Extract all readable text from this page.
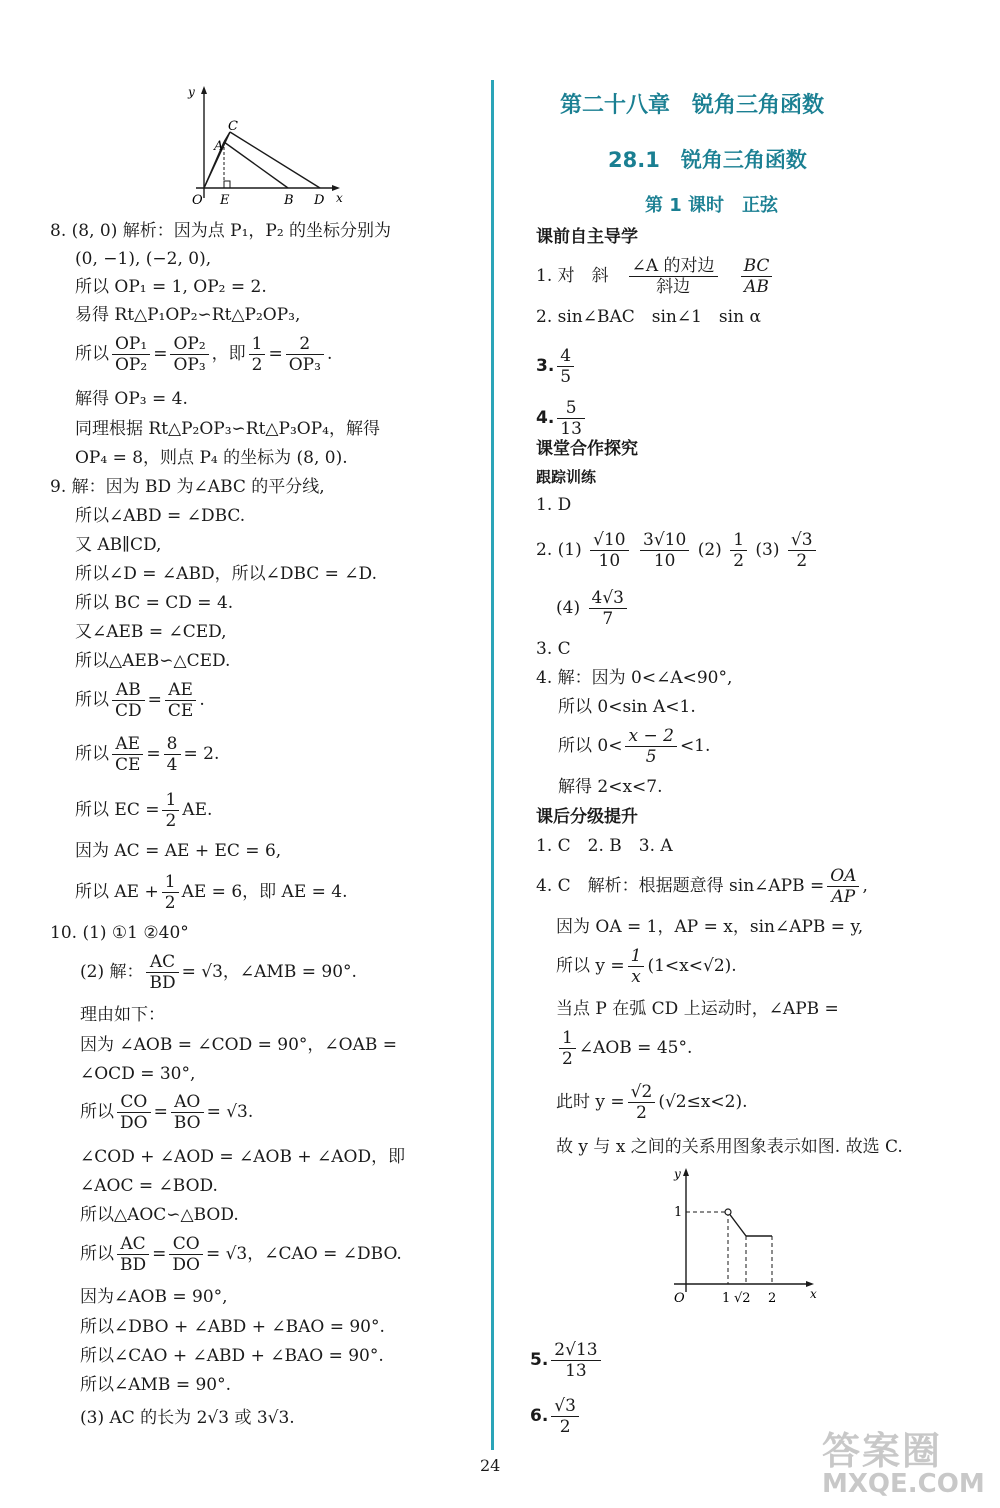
y
x
O
A
C
E	B D
8. (8, 0) 解析：因为点 P₁，P₂ 的坐标分别为
(0, −1), (−2, 0),
所以 OP₁ = 1, OP₂ = 2.
易得 Rt△P₁OP₂∽Rt△P₂OP₃,
所以 $\frac{\text{OP₁}}{\text{OP₂}} = \frac{\text{OP₂}}{\text{OP₃}}$ ，即 $\frac{1}{2} = \frac{2}{\text{OP₃}}$ .
解得 OP₃ = 4.
同理根据 Rt△P₂OP₃∽Rt△P₃OP₄，解得
OP₄ = 8，则点 P₄ 的坐标为 (8, 0).
9. 解：因为 BD 为∠ABC 的平分线,
所以∠ABD = ∠DBC.
又 AB∥CD,
所以∠D = ∠ABD，所以∠DBC = ∠D.
所以 BC = CD = 4.
又∠AEB = ∠CED,
所以△AEB∽△CED.
所以 $\frac{AB}{CD} = \frac{AE}{CE}$ .
所以 $\frac{AE}{CE} = \frac{8}{4} = 2$.
所以 EC = $\frac{1}{2}$ AE.
因为 AC = AE + EC = 6,
所以 AE + $\frac{1}{2}$ AE = 6，即 AE = 4.
10. (1) ①1 ②40°
(2) 解： $\frac{AC}{BD} = √3$，∠AMB = 90°.
理由如下：
因为 ∠AOB = ∠COD = 90°，∠OAB =
∠OCD = 30°,
所以 $\frac{CO}{DO} = \frac{AO}{BO} = √3$.
∠COD + ∠AOD = ∠AOB + ∠AOD，即
∠AOC = ∠BOD.
所以△AOC∽△BOD.
所以 $\frac{AC}{BD} = \frac{CO}{DO} = √3$，∠CAO = ∠DBO.
因为∠AOB = 90°,
所以∠DBO + ∠ABD + ∠BAO = 90°.
所以∠CAO + ∠ABD + ∠BAO = 90°.
所以∠AMB = 90°.
(3) AC 的长为 2√3 或 3√3.
第二十八章　锐角三角函数
28.1　锐角三角函数
第 1 课时　正弦
课前自主导学
1. 对　斜　 $\frac{\text{∠A 的对边}}{\text{斜边}}$
　 $\frac{BC}{AB}$
2. sin∠BAC　sin∠1　sin α
3. $\frac{4}{5}$
4. $\frac{5}{13}$
课堂合作探究
跟踪训练
1. D
2. $(1) \frac{√10}{10}$
$\frac{3√10}{10} (2) \frac{1}{2} (3) \frac{√3}{2}$
$(4) \frac{4√3}{7}$
3. C
4. 解：因为 0<∠A<90°,
所以 0<sin A<1.
所以 $0< \frac{x - 2}{5} <1$.
解得 2<x<7.
课后分级提升
1. C　2. B　3. A
4. C　解析：根据题意得 sin∠APB = $\frac{OA}{AP}$ ,
因为 OA = 1，AP = x，sin∠APB = y,
所以 $y = \frac{1}{x} (1<x<√2)$.
当点 P 在弧 CD 上运动时，∠APB =
$\frac{1}{2}$ ∠AOB = 45°.
此时 $y = \frac{√2}{2} (√2\le x<2)$.
故 y 与 x 之间的关系用图象表示如图. 故选 C.
y
x
O
1
1 √2 2
5. $\frac{2√13}{13}$
6. $\frac{√3}{2}$
24	答案圈
MXQE.COM
